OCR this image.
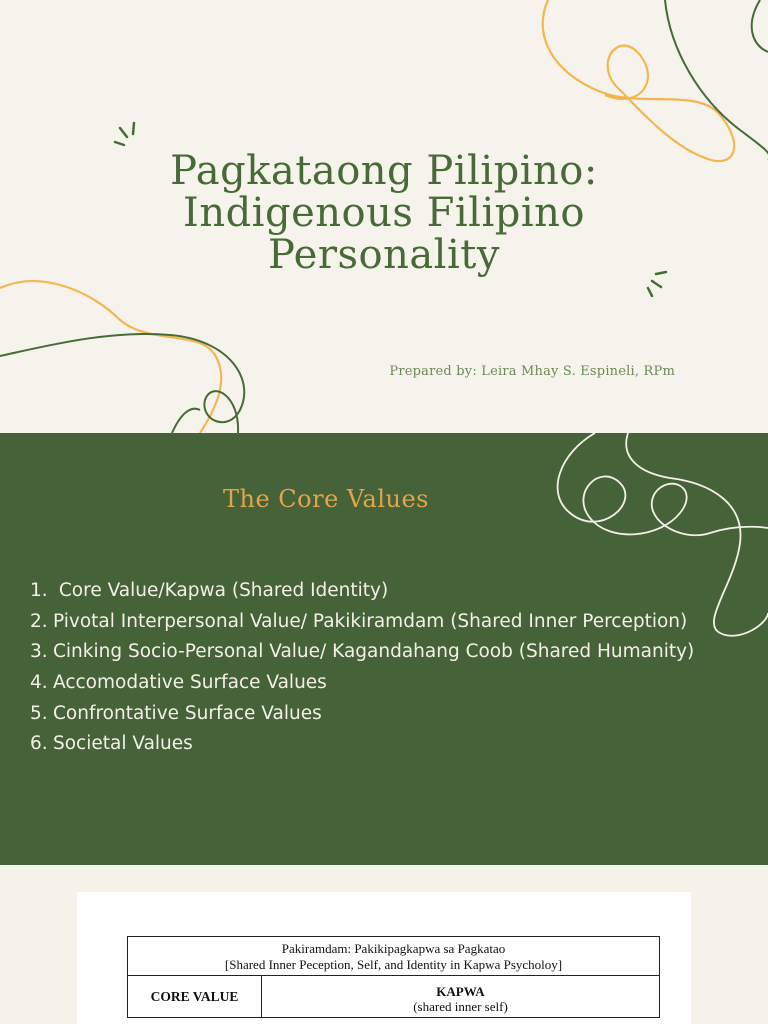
Pagkataong Pilipino:
Indigenous Filipino
Personality
Prepared by: Leira Mhay S. Espineli, RPm
The Core Values
1. Core Value/Kapwa (Shared Identity)
2. Pivotal Interpersonal Value/ Pakikiramdam (Shared Inner Perception)
3. Cinking Socio-Personal Value/ Kagandahang Coob (Shared Humanity)
4. Accomodative Surface Values
5. Confrontative Surface Values
6. Societal Values
Pakiramdam: Pakikipagkapwa sa Pagkatao
[Shared Inner Peception, Self, and Identity in Kapwa Psycholoy]

CORE VALUE	KAPWA
(shared inner self)
